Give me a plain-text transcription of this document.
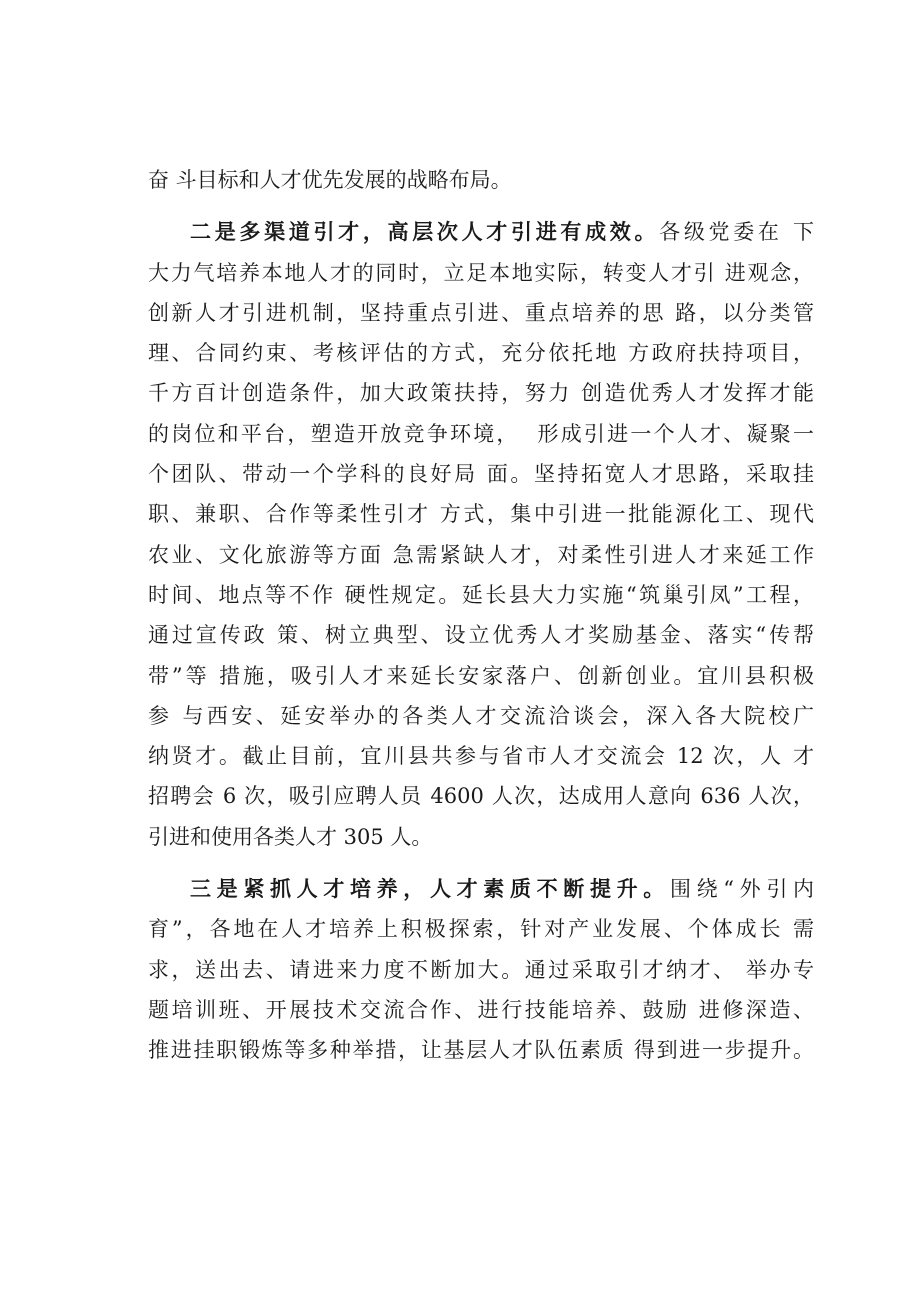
奋 斗目标和人才优先发展的战略布局。
二是多渠道引才，高层次人才引进有成效。各级党委在 下
大力气培养本地人才的同时，立足本地实际，转变人才引 进观念，
创新人才引进机制，坚持重点引进、重点培养的思 路，以分类管
理、合同约束、考核评估的方式，充分依托地 方政府扶持项目，
千方百计创造条件，加大政策扶持，努力 创造优秀人才发挥才能
的岗位和平台，塑造开放竞争环境，  形成引进一个人才、凝聚一
个团队、带动一个学科的良好局 面。坚持拓宽人才思路，采取挂
职、兼职、合作等柔性引才 方式，集中引进一批能源化工、现代
农业、文化旅游等方面 急需紧缺人才，对柔性引进人才来延工作
时间、地点等不作 硬性规定。延长县大力实施“筑巢引凤”工程，
通过宣传政 策、树立典型、设立优秀人才奖励基金、落实“传帮
带”等 措施，吸引人才来延长安家落户、创新创业。宜川县积极
参 与西安、延安举办的各类人才交流洽谈会，深入各大院校广
纳贤才。截止目前，宜川县共参与省市人才交流会 12 次，人 才
招聘会 6 次，吸引应聘人员 4600 人次，达成用人意向 636 人次，
引进和使用各类人才 305 人。
三是紧抓人才培养，人才素质不断提升。围绕“外引内
育”，各地在人才培养上积极探索，针对产业发展、个体成长 需
求，送出去、请进来力度不断加大。通过采取引才纳才、 举办专
题培训班、开展技术交流合作、进行技能培养、鼓励 进修深造、
推进挂职锻炼等多种举措，让基层人才队伍素质 得到进一步提升。
